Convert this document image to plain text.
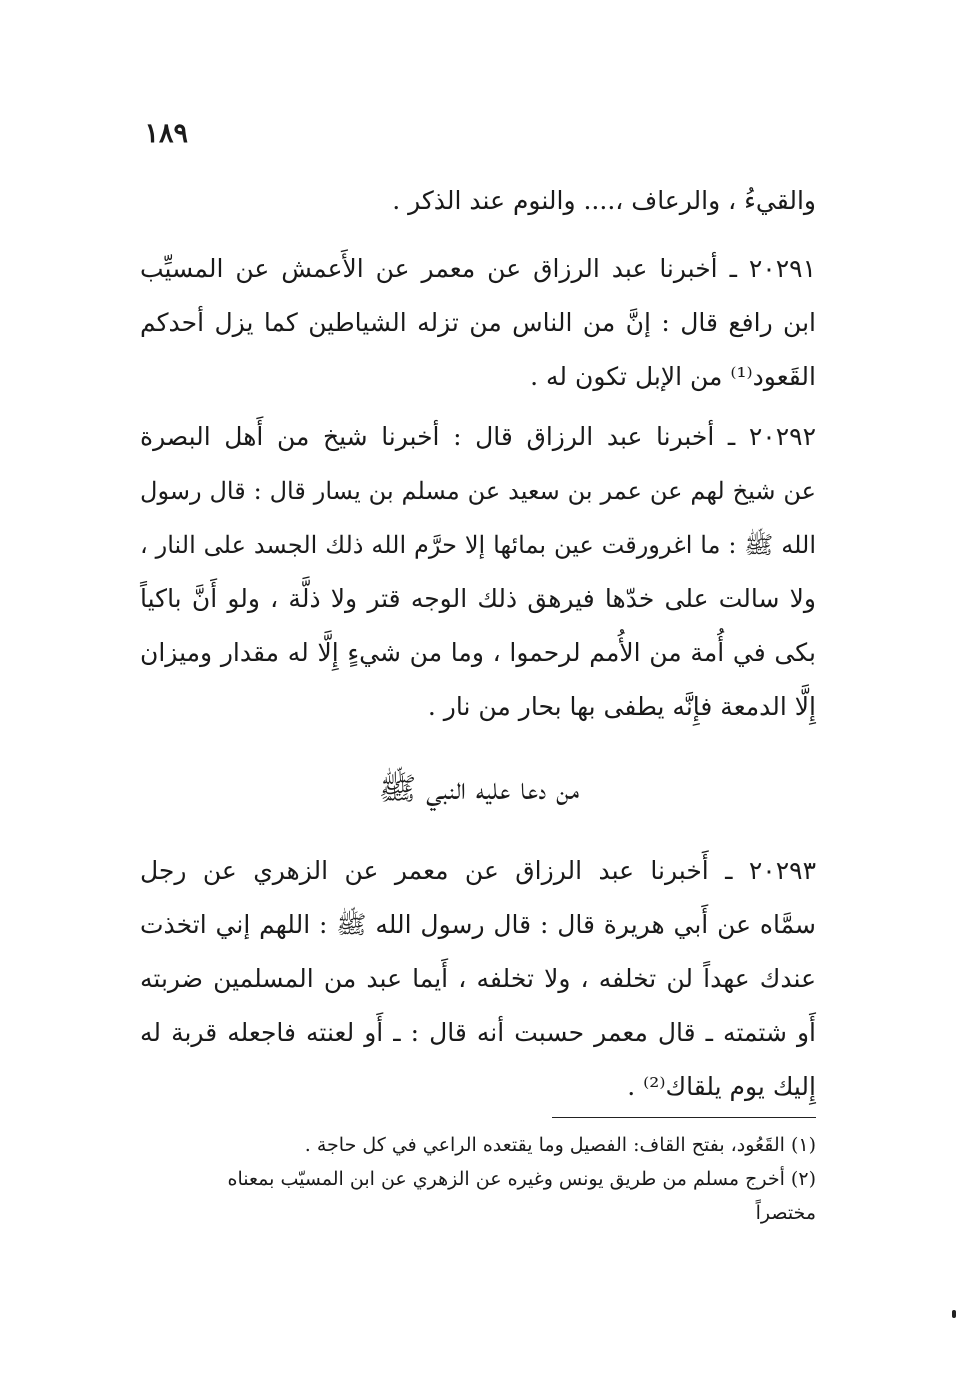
١٨٩
والقيءُ ، والرعاف ،.... والنوم عند الذكر .
٢٠٢٩١ ـ أخبرنا عبد الرزاق عن معمر عن الأَعمش عن المسيِّب
ابن رافع قال : إنَّ من الناس من تزله الشياطين كما يزل أحدكم
القَعود⁽¹⁾ من الإبل تكون له .
٢٠٢٩٢ ـ أخبرنا عبد الرزاق قال : أخبرنا شيخ من أَهل البصرة
عن شيخ لهم عن عمر بن سعيد عن مسلم بن يسار قال : قال رسول
الله ﷺ : ما اغرورقت عين بمائها إلا حرَّم الله ذلك الجسد على النار ،
ولا سالت على خدّها فيرهق ذلك الوجه قتر ولا ذلَّة ، ولو أَنَّ باكياً
بكى في أُمة من الأُمم لرحموا ، وما من شيءٍ إِلَّا له مقدار وميزان
إِلَّا الدمعة فإِنَّه يطفى بها بحار من نار .
من دعا عليه النبي ﷺ
٢٠٢٩٣ ـ أَخبرنا عبد الرزاق عن معمر عن الزهري عن رجل
سمَّاه عن أَبي هريرة قال : قال رسول الله ﷺ : اللهم إني اتخذت
عندك عهداً لن تخلفه ، ولا تخلفه ، أَيما عبد من المسلمين ضربته
أَو شتمته ـ قال معمر حسبت أنه قال : ـ أَو لعنته فاجعله قربة له
إِليك يوم يلقاك⁽²⁾ .
(١) القَعُود، بفتح القاف: الفصيل وما يقتعده الراعي في كل حاجة .
(٢) أخرج مسلم من طريق يونس وغيره عن الزهري عن ابن المسيّب بمعناه
مختصراً
